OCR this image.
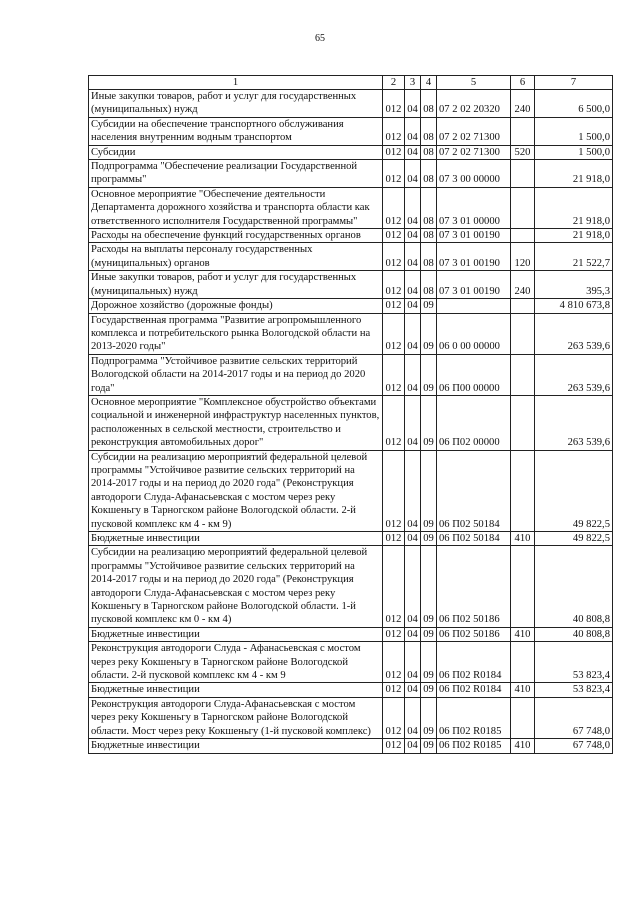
65
1	2	3	4	5	6	7
Иные закупки товаров, работ и услуг для государственных (муниципальных) нужд	012	04	08	07 2 02 20320	240	6 500,0
Субсидии на обеспечение транспортного обслуживания населения внутренним водным транспортом	012	04	08	07 2 02 71300		1 500,0
Субсидии	012	04	08	07 2 02 71300	520	1 500,0
Подпрограмма "Обеспечение реализации Государственной программы"	012	04	08	07 3 00 00000		21 918,0
Основное мероприятие "Обеспечение деятельности Департамента дорожного хозяйства и транспорта области как ответственного исполнителя Государственной программы"	012	04	08	07 3 01 00000		21 918,0
Расходы на обеспечение функций государственных органов	012	04	08	07 3 01 00190		21 918,0
Расходы на выплаты персоналу государственных (муниципальных) органов	012	04	08	07 3 01 00190	120	21 522,7
Иные закупки товаров, работ и услуг для государственных (муниципальных) нужд	012	04	08	07 3 01 00190	240	395,3
Дорожное хозяйство (дорожные фонды)	012	04	09			4 810 673,8
Государственная программа "Развитие агропромышленного комплекса и потребительского рынка Вологодской области на 2013-2020 годы"	012	04	09	06 0 00 00000		263 539,6
Подпрограмма "Устойчивое развитие сельских территорий Вологодской области на 2014-2017 годы и на период до 2020 года"	012	04	09	06 П00 00000		263 539,6
Основное мероприятие "Комплексное обустройство объектами социальной и инженерной инфраструктур населенных пунктов, расположенных в сельской местности, строительство и реконструкция автомобильных дорог"	012	04	09	06 П02 00000		263 539,6
Субсидии на реализацию мероприятий федеральной целевой программы "Устойчивое развитие сельских территорий на 2014-2017 годы и на период до 2020 года" (Реконструкция автодороги Слуда-Афанасьевская с мостом через реку Кокшеньгу в Тарногском районе Вологодской области. 2-й пусковой комплекс км 4 - км 9)	012	04	09	06 П02 50184		49 822,5
Бюджетные инвестиции	012	04	09	06 П02 50184	410	49 822,5
Субсидии на реализацию мероприятий федеральной целевой программы "Устойчивое развитие сельских территорий на 2014-2017 годы и на период до 2020 года" (Реконструкция автодороги Слуда-Афанасьевская с мостом через реку Кокшеньгу в Тарногском районе Вологодской области. 1-й пусковой комплекс км 0 - км 4)	012	04	09	06 П02 50186		40 808,8
Бюджетные инвестиции	012	04	09	06 П02 50186	410	40 808,8
Реконструкция автодороги Слуда - Афанасьевская с мостом через реку Кокшеньгу в Тарногском районе Вологодской области. 2-й пусковой комплекс км 4 - км 9	012	04	09	06 П02 R0184		53 823,4
Бюджетные инвестиции	012	04	09	06 П02 R0184	410	53 823,4
Реконструкция автодороги Слуда-Афанасьевская с мостом через реку Кокшеньгу в Тарногском районе Вологодской области. Мост через реку Кокшеньгу (1-й пусковой комплекс)	012	04	09	06 П02 R0185		67 748,0
Бюджетные инвестиции	012	04	09	06 П02 R0185	410	67 748,0
